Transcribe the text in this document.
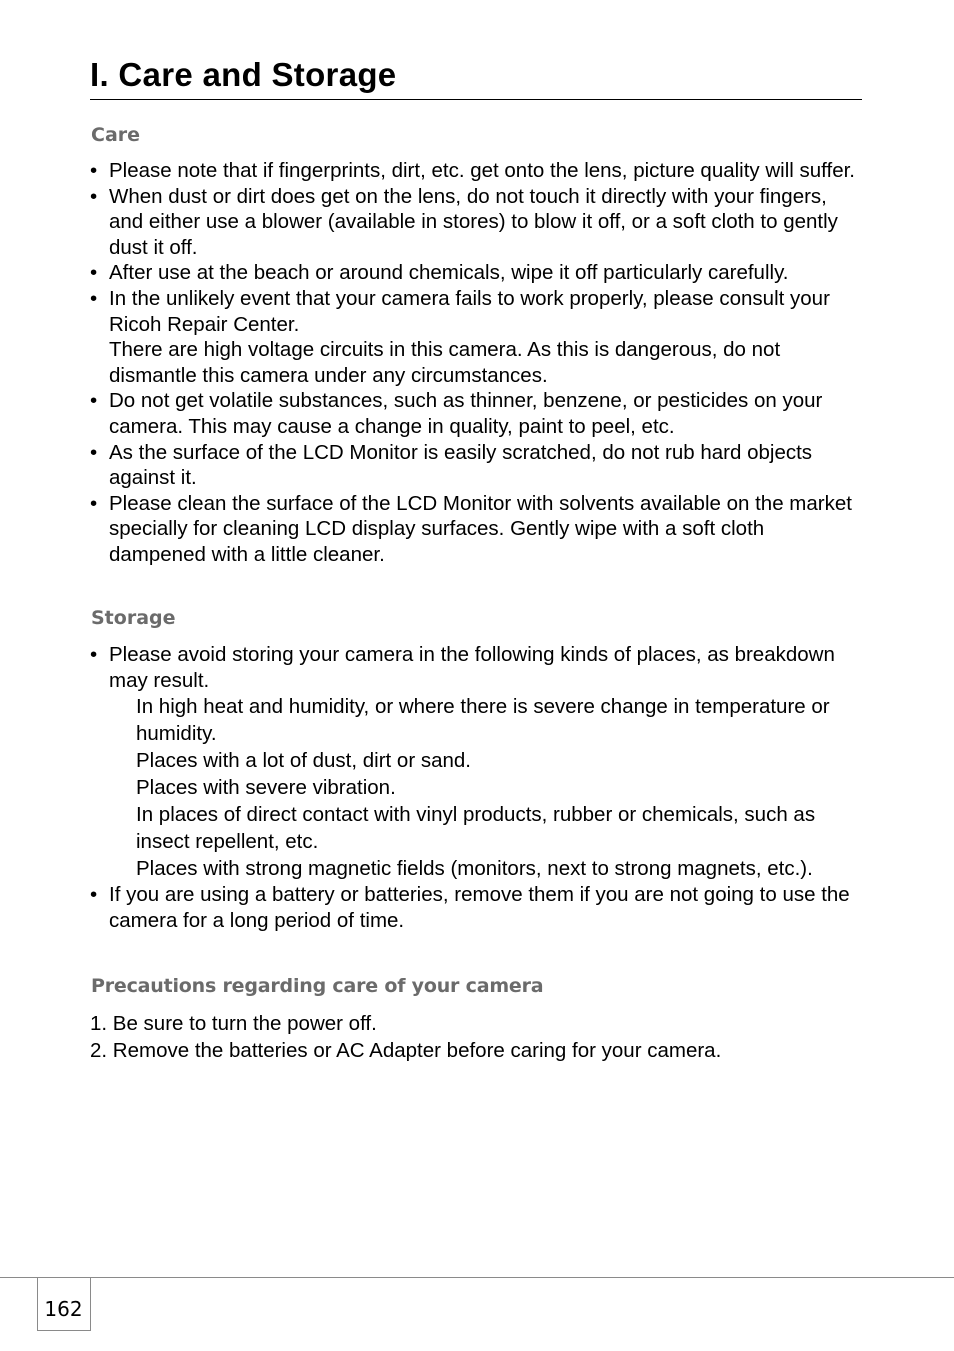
I. Care and Storage
Care
• Please note that if fingerprints, dirt, etc. get onto the lens, picture quality will suffer.
• When dust or dirt does get on the lens, do not touch it directly with your fingers, and either use a blower (available in stores) to blow it off, or a soft cloth to gently dust it off.
• After use at the beach or around chemicals, wipe it off particularly carefully.
• In the unlikely event that your camera fails to work properly, please consult your Ricoh Repair Center.
There are high voltage circuits in this camera. As this is dangerous, do not dismantle this camera under any circumstances.
• Do not get volatile substances, such as thinner, benzene, or pesticides on your camera. This may cause a change in quality, paint to peel, etc.
• As the surface of the LCD Monitor is easily scratched, do not rub hard objects against it.
• Please clean the surface of the LCD Monitor with solvents available on the market specially for cleaning LCD display surfaces. Gently wipe with a soft cloth dampened with a little cleaner.
Storage
• Please avoid storing your camera in the following kinds of places, as breakdown may result.
In high heat and humidity, or where there is severe change in temperature or humidity.
Places with a lot of dust, dirt or sand.
Places with severe vibration.
In places of direct contact with vinyl products, rubber or chemicals, such as insect repellent, etc.
Places with strong magnetic fields (monitors, next to strong magnets, etc.).
• If you are using a battery or batteries, remove them if you are not going to use the camera for a long period of time.
Precautions regarding care of your camera
1. Be sure to turn the power off.
2. Remove the batteries or AC Adapter before caring for your camera.
162
